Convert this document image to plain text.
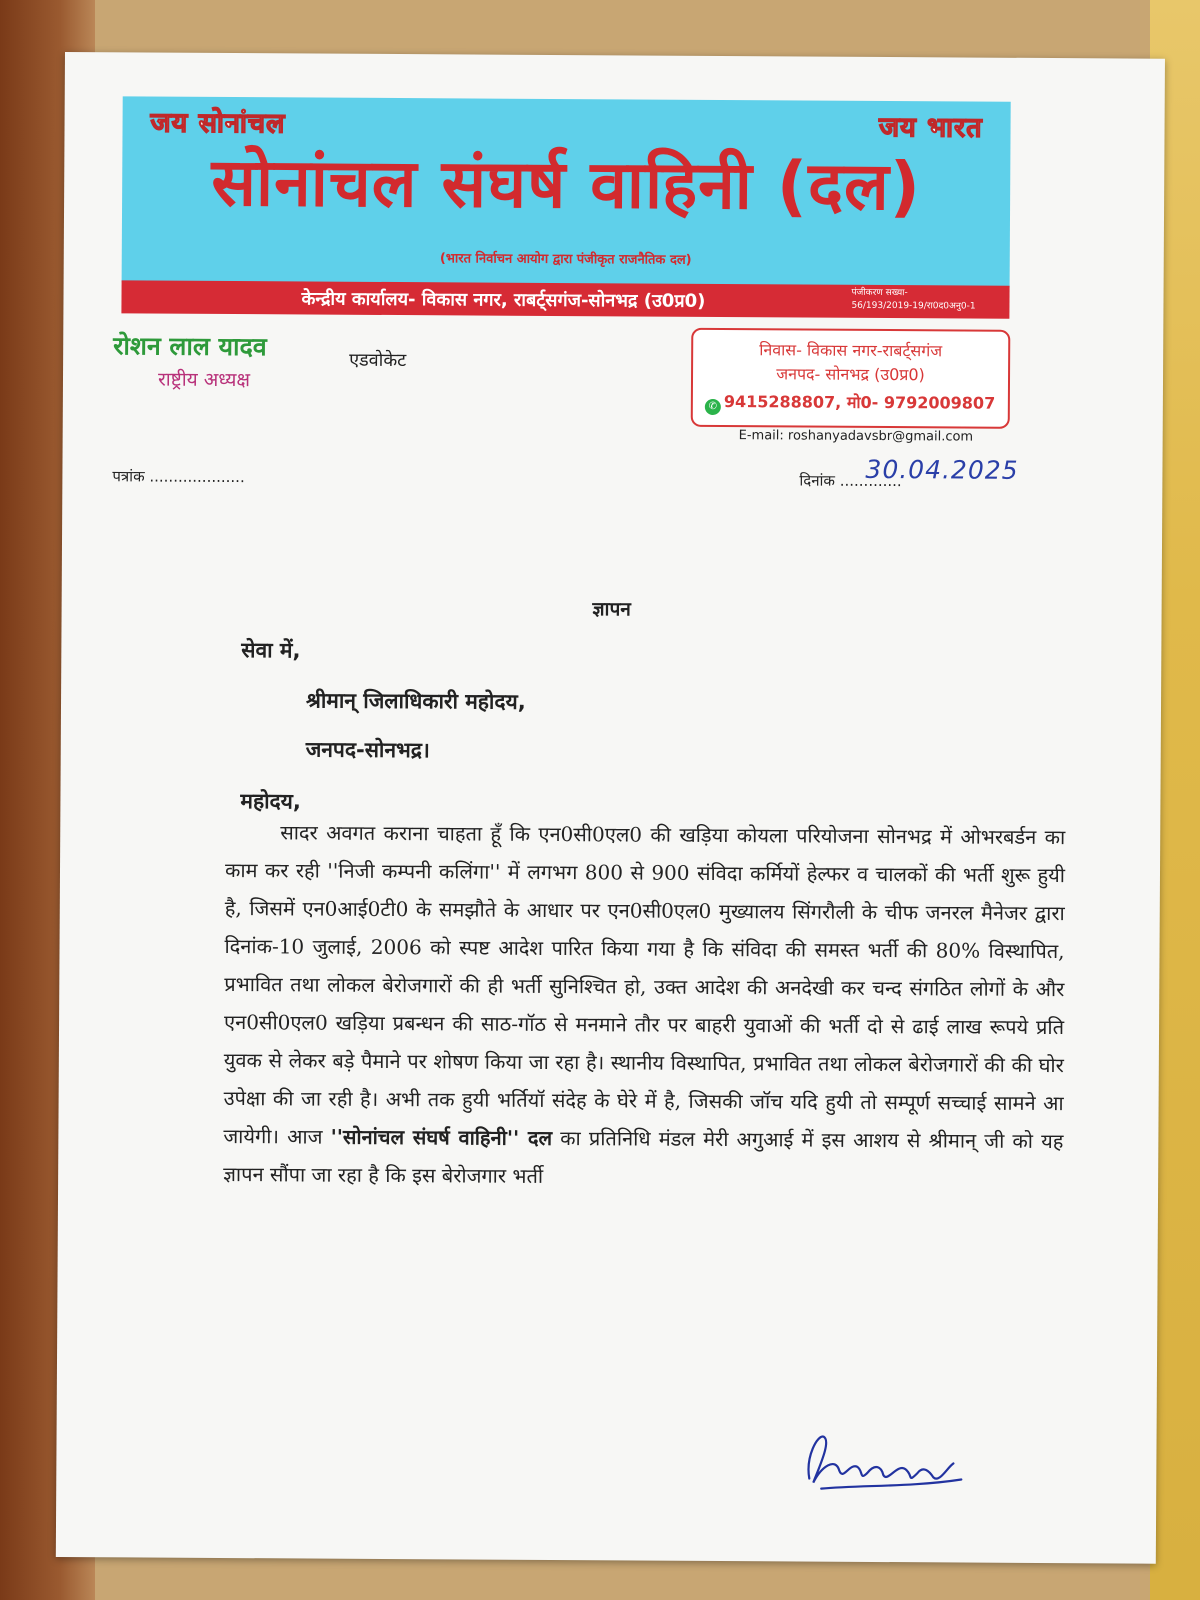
जय सोनांचल	जय भारत
सोनांचल संघर्ष वाहिनी (दल)
(भारत निर्वाचन आयोग द्वारा पंजीकृत राजनैतिक दल)
केन्द्रीय कार्यालय- विकास नगर, राबर्ट्सगंज-सोनभद्र (उ0प्र0)	पंजीकरण सख्या-
56/193/2019-19/रा0द0अनु0-1
रोशन लाल यादव	एडवोकेट
राष्ट्रीय अध्यक्ष
निवास- विकास नगर-राबर्ट्सगंज
जनपद- सोनभद्र (उ0प्र0)
✆ 9415288807, मो0- 9792009807
E-mail: roshanyadavsbr@gmail.com
पत्रांक ....................	दिनांक .............
30.04.2025
ज्ञापन
सेवा में,
श्रीमान् जिलाधिकारी महोदय,
जनपद-सोनभद्र।
महोदय,
सादर अवगत कराना चाहता हूँ कि एन0सी0एल0 की खड़िया कोयला परियोजना सोनभद्र में ओभरबर्डन का काम कर रही ''निजी कम्पनी कलिंगा'' में लगभग 800 से 900 संविदा कर्मियों हेल्फर व चालकों की भर्ती शुरू हुयी है, जिसमें एन0आई0टी0 के समझौते के आधार पर एन0सी0एल0 मुख्यालय सिंगरौली के चीफ जनरल मैनेजर द्वारा दिनांक-10 जुलाई, 2006 को स्पष्ट आदेश पारित किया गया है कि संविदा की समस्त भर्ती की 80% विस्थापित, प्रभावित तथा लोकल बेरोजगारों की ही भर्ती सुनिश्चित हो, उक्त आदेश की अनदेखी कर चन्द संगठित लोगों के और एन0सी0एल0 खड़िया प्रबन्धन की साठ-गॉठ से मनमाने तौर पर बाहरी युवाओं की भर्ती दो से ढाई लाख रूपये प्रति युवक से लेकर बड़े पैमाने पर शोषण किया जा रहा है। स्थानीय विस्थापित, प्रभावित तथा लोकल बेरोजगारों की की घोर उपेक्षा की जा रही है। अभी तक हुयी भर्तियॉ संदेह के घेरे में है, जिसकी जॉच यदि हुयी तो सम्पूर्ण सच्चाई सामने आ जायेगी। आज ''सोनांचल संघर्ष वाहिनी'' दल का प्रतिनिधि मंडल मेरी अगुआई में इस आशय से श्रीमान् जी को यह ज्ञापन सौंपा जा रहा है कि इस बेरोजगार भर्ती
